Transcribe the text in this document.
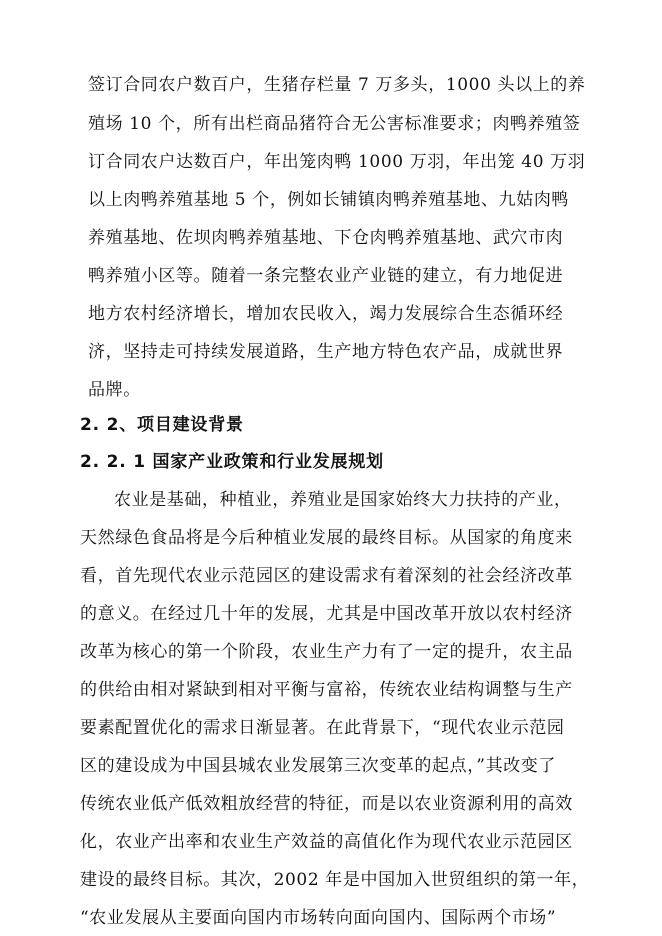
签订合同农户数百户，生猪存栏量 7 万多头，1000 头以上的养
殖场 10 个，所有出栏商品猪符合无公害标准要求；肉鸭养殖签
订合同农户达数百户，年出笼肉鸭 1000 万羽，年出笼 40 万羽
以上肉鸭养殖基地 5 个，例如长铺镇肉鸭养殖基地、九姑肉鸭
养殖基地、佐坝肉鸭养殖基地、下仓肉鸭养殖基地、武穴市肉
鸭养殖小区等。随着一条完整农业产业链的建立，有力地促进
地方农村经济增长，增加农民收入，竭力发展综合生态循环经
济，坚持走可持续发展道路，生产地方特色农产品，成就世界
品牌。
2. 2、项目建设背景
2. 2. 1 国家产业政策和行业发展规划
农业是基础，种植业，养殖业是国家始终大力扶持的产业，
天然绿色食品将是今后种植业发展的最终目标。从国家的角度来
看，首先现代农业示范园区的建设需求有着深刻的社会经济改革
的意义。在经过几十年的发展，尤其是中国改革开放以农村经济
改革为核心的第一个阶段，农业生产力有了一定的提升，农主品
的供给由相对紧缺到相对平衡与富裕，传统农业结构调整与生产
要素配置优化的需求日渐显著。在此背景下，“现代农业示范园
区的建设成为中国县城农业发展第三次变革的起点，”其改变了
传统农业低产低效粗放经营的特征，而是以农业资源利用的高效
化，农业产出率和农业生产效益的高值化作为现代农业示范园区
建设的最终目标。其次，2002 年是中国加入世贸组织的第一年，
“农业发展从主要面向国内市场转向面向国内、国际两个市场”
